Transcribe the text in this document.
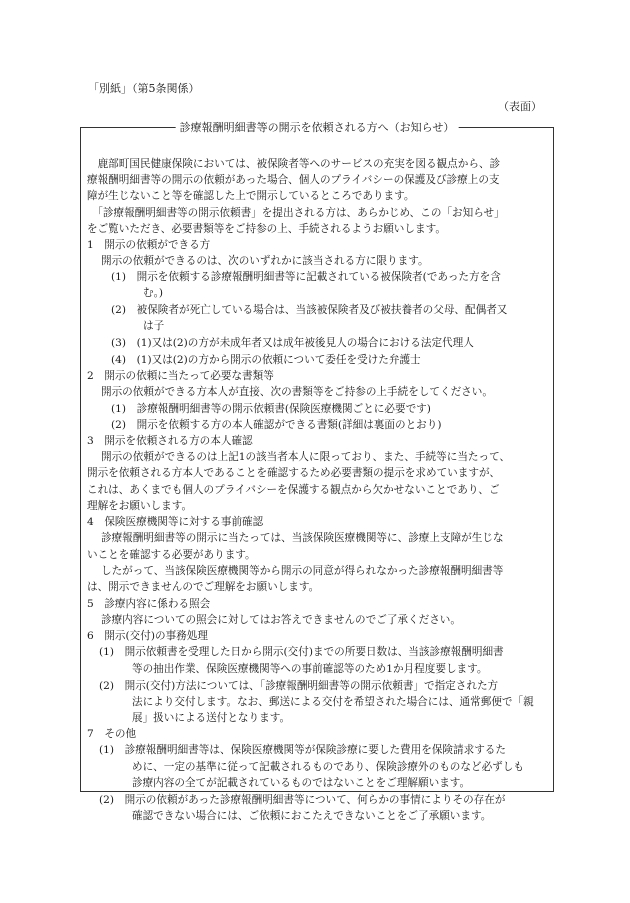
「別紙」（第5条関係）
（表面）
診療報酬明細書等の開示を依頼される方へ（お知らせ）
　鹿部町国民健康保険においては、被保険者等へのサービスの充実を図る観点から、診
療報酬明細書等の開示の依頼があった場合、個人のプライバシーの保護及び診療上の支
障が生じないこと等を確認した上で開示しているところであります。
　「診療報酬明細書等の開示依頼書」を提出される方は、あらかじめ、この「お知らせ」
をご覧いただき、必要書類等をご持参の上、手続されるようお願いします。
1　開示の依頼ができる方
開示の依頼ができるのは、次のいずれかに該当される方に限ります。
(1)　開示を依頼する診療報酬明細書等に記載されている被保険者(であった方を含
む。)
(2)　被保険者が死亡している場合は、当該被保険者及び被扶養者の父母、配偶者又
は子
(3)　(1)又は(2)の方が未成年者又は成年被後見人の場合における法定代理人
(4)　(1)又は(2)の方から開示の依頼について委任を受けた弁護士
2　開示の依頼に当たって必要な書類等
開示の依頼ができる方本人が直接、次の書類等をご持参の上手続をしてください。
(1)　診療報酬明細書等の開示依頼書(保険医療機関ごとに必要です)
(2)　開示を依頼する方の本人確認ができる書類(詳細は裏面のとおり)
3　開示を依頼される方の本人確認
開示の依頼ができるのは上記1の該当者本人に限っており、また、手続等に当たって、
開示を依頼される方本人であることを確認するため必要書類の提示を求めていますが、
これは、あくまでも個人のプライバシーを保護する観点から欠かせないことであり、ご
理解をお願いします。
4　保険医療機関等に対する事前確認
診療報酬明細書等の開示に当たっては、当該保険医療機関等に、診療上支障が生じな
いことを確認する必要があります。
したがって、当該保険医療機関等から開示の同意が得られなかった診療報酬明細書等
は、開示できませんのでご理解をお願いします。
5　診療内容に係わる照会
診療内容についての照会に対してはお答えできませんのでご了承ください。
6　開示(交付)の事務処理
(1)　開示依頼書を受理した日から開示(交付)までの所要日数は、当該診療報酬明細書
等の抽出作業、保険医療機関等への事前確認等のため1か月程度要します。
(2)　開示(交付)方法については、「診療報酬明細書等の開示依頼書」で指定された方
法により交付します。なお、郵送による交付を希望された場合には、通常郵便で「親
展」扱いによる送付となります。
7　その他
(1)　診療報酬明細書等は、保険医療機関等が保険診療に要した費用を保険請求するた
めに、一定の基準に従って記載されるものであり、保険診療外のものなど必ずしも
診療内容の全てが記載されているものではないことをご理解願います。
(2)　開示の依頼があった診療報酬明細書等について、何らかの事情によりその存在が
確認できない場合には、ご依頼におこたえできないことをご了承願います。
